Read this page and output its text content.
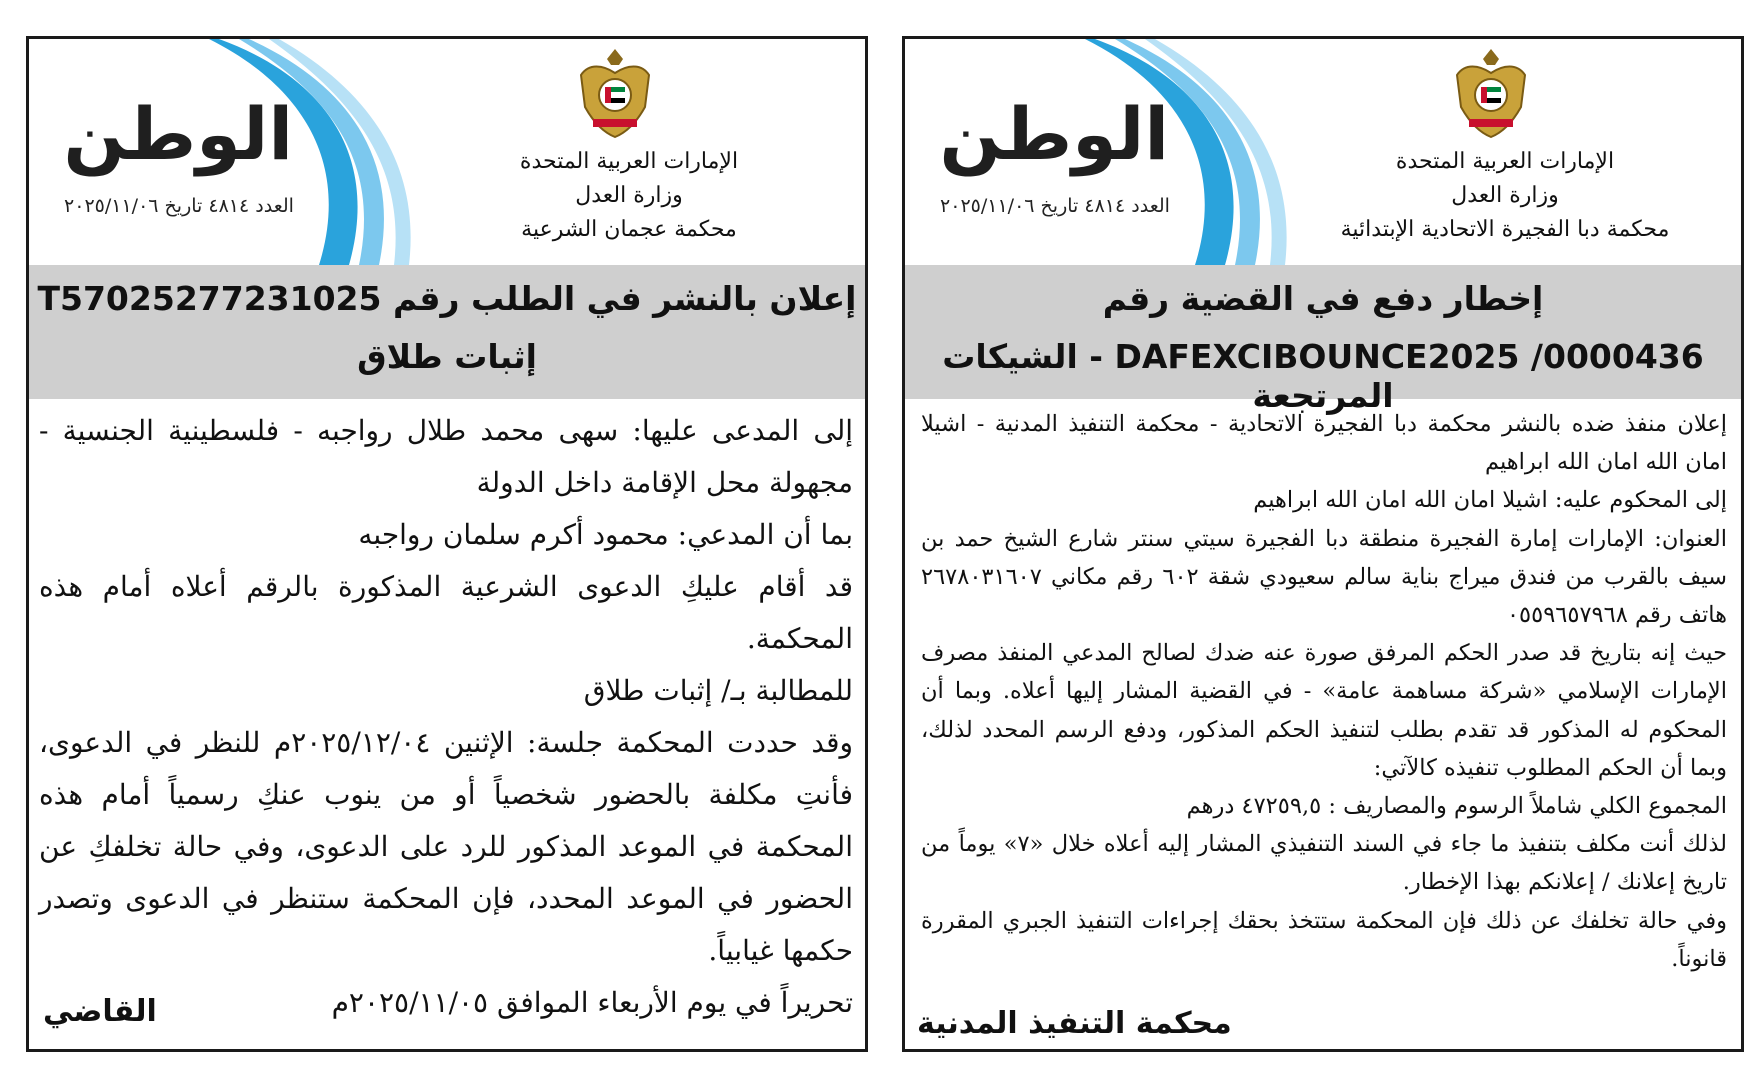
الوطن
العدد ٤٨١٤ تاريخ ٢٠٢٥/١١/٠٦
الإمارات العربية المتحدة
وزارة العدل
محكمة دبا الفجيرة الاتحادية الإبتدائية
إخطار دفع في القضية رقم
DAFEXCIBOUNCE2025 /0000436 - الشيكات المرتجعة

إعلان منفذ ضده بالنشر محكمة دبا الفجيرة الاتحادية - محكمة التنفيذ المدنية - اشيلا امان الله امان الله ابراهيم

إلى المحكوم عليه: اشيلا امان الله امان الله ابراهيم

العنوان: الإمارات إمارة الفجيرة منطقة دبا الفجيرة سيتي سنتر شارع الشيخ حمد بن سيف بالقرب من فندق ميراج بناية سالم سعيودي شقة ٦٠٢ رقم مكاني ٢٦٧٨٠٣١٦٠٧ هاتف رقم ٠٥٥٩٦٥٧٩٦٨

حيث إنه بتاريخ قد صدر الحكم المرفق صورة عنه ضدك لصالح المدعي المنفذ مصرف الإمارات الإسلامي «شركة مساهمة عامة» - في القضية المشار إليها أعلاه. وبما أن المحكوم له المذكور قد تقدم بطلب لتنفيذ الحكم المذكور، ودفع الرسم المحدد لذلك، وبما أن الحكم المطلوب تنفيذه كالآتي:

المجموع الكلي شاملاً الرسوم والمصاريف : ٤٧٢٥٩,٥ درهم

لذلك أنت مكلف بتنفيذ ما جاء في السند التنفيذي المشار إليه أعلاه خلال «٧» يوماً من تاريخ إعلانك / إعلانكم بهذا الإخطار.

وفي حالة تخلفك عن ذلك فإن المحكمة ستتخذ بحقك إجراءات التنفيذ الجبري المقررة قانوناً.

محكمة التنفيذ المدنية
الوطن
العدد ٤٨١٤ تاريخ ٢٠٢٥/١١/٠٦
الإمارات العربية المتحدة
وزارة العدل
محكمة عجمان الشرعية
إعلان بالنشر في الطلب رقم T57025277231025
إثبات طلاق

إلى المدعى عليها: سهى محمد طلال رواجبه - فلسطينية الجنسية - مجهولة محل الإقامة داخل الدولة

بما أن المدعي: محمود أكرم سلمان رواجبه

قد أقام عليكِ الدعوى الشرعية المذكورة بالرقم أعلاه أمام هذه المحكمة.

للمطالبة بـ/ إثبات طلاق

وقد حددت المحكمة جلسة: الإثنين ٢٠٢٥/١٢/٠٤م للنظر في الدعوى، فأنتِ مكلفة بالحضور شخصياً أو من ينوب عنكِ رسمياً أمام هذه المحكمة في الموعد المذكور للرد على الدعوى، وفي حالة تخلفكِ عن الحضور في الموعد المحدد، فإن المحكمة ستنظر في الدعوى وتصدر حكمها غيابياً.

تحريراً في يوم الأربعاء الموافق ٢٠٢٥/١١/٠٥م

القاضي
